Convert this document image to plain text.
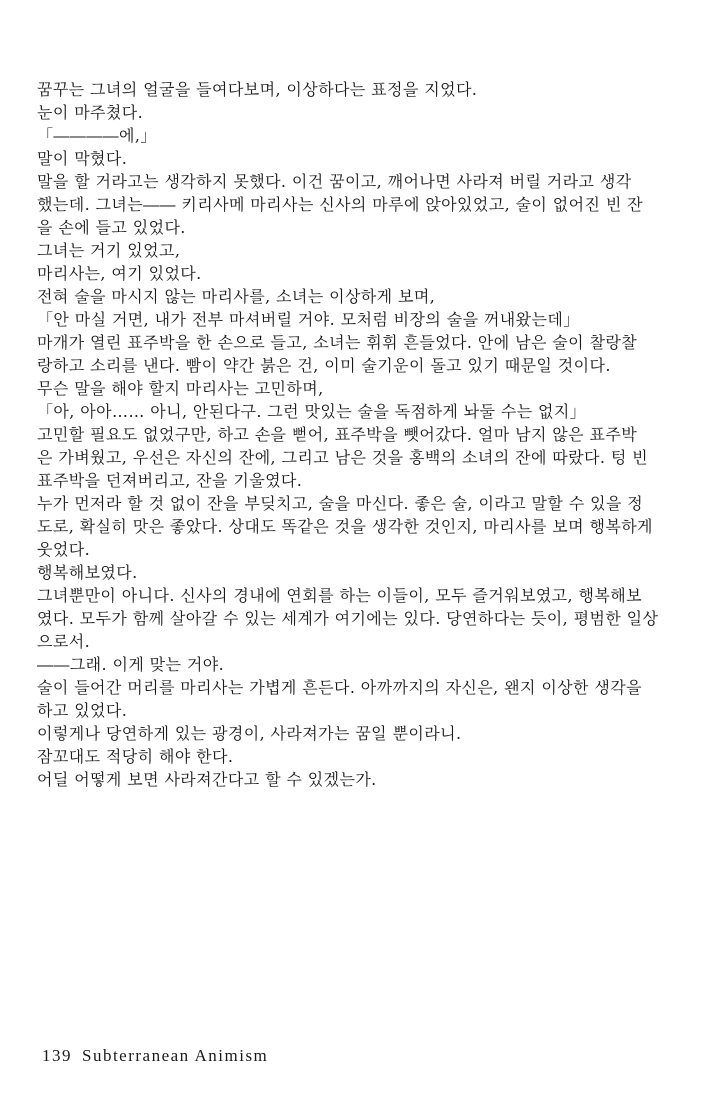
꿈꾸는 그녀의 얼굴을 들여다보며, 이상하다는 표정을 지었다.
눈이 마주쳤다.
「――――에,」
말이 막혔다.
말을 할 거라고는 생각하지 못했다. 이건 꿈이고, 깨어나면 사라져 버릴 거라고 생각
했는데. 그녀는―― 키리사메 마리사는 신사의 마루에 앉아있었고, 술이 없어진 빈 잔
을 손에 들고 있었다.
그녀는 거기 있었고,
마리사는, 여기 있었다.
전혀 술을 마시지 않는 마리사를, 소녀는 이상하게 보며,
「안 마실 거면, 내가 전부 마셔버릴 거야. 모처럼 비장의 술을 꺼내왔는데」
마개가 열린 표주박을 한 손으로 들고, 소녀는 휘휘 흔들었다. 안에 남은 술이 찰랑찰
랑하고 소리를 낸다. 빰이 약간 붉은 건, 이미 술기운이 돌고 있기 때문일 것이다.
무슨 말을 해야 할지 마리사는 고민하며,
「아, 아아…… 아니, 안된다구. 그런 맛있는 술을 독점하게 놔둘 수는 없지」
고민할 필요도 없었구만, 하고 손을 뻗어, 표주박을 뺏어갔다. 얼마 남지 않은 표주박
은 가벼웠고, 우선은 자신의 잔에, 그리고 남은 것을 홍백의 소녀의 잔에 따랐다. 텅 빈
표주박을 던져버리고, 잔을 기울였다.
누가 먼저라 할 것 없이 잔을 부딪치고, 술을 마신다. 좋은 술, 이라고 말할 수 있을 정
도로, 확실히 맛은 좋았다. 상대도 똑같은 것을 생각한 것인지, 마리사를 보며 행복하게
웃었다.
행복해보였다.
그녀뿐만이 아니다. 신사의 경내에 연회를 하는 이들이, 모두 즐거워보였고, 행복해보
였다. 모두가 함께 살아갈 수 있는 세계가 여기에는 있다. 당연하다는 듯이, 평범한 일상
으로서.
――그래. 이게 맞는 거야.
술이 들어간 머리를 마리사는 가볍게 흔든다. 아까까지의 자신은, 왠지 이상한 생각을
하고 있었다.
이렇게나 당연하게 있는 광경이, 사라져가는 꿈일 뿐이라니.
잠꼬대도 적당히 해야 한다.
어딜 어떻게 보면 사라져간다고 할 수 있겠는가.
139 Subterranean Animism
